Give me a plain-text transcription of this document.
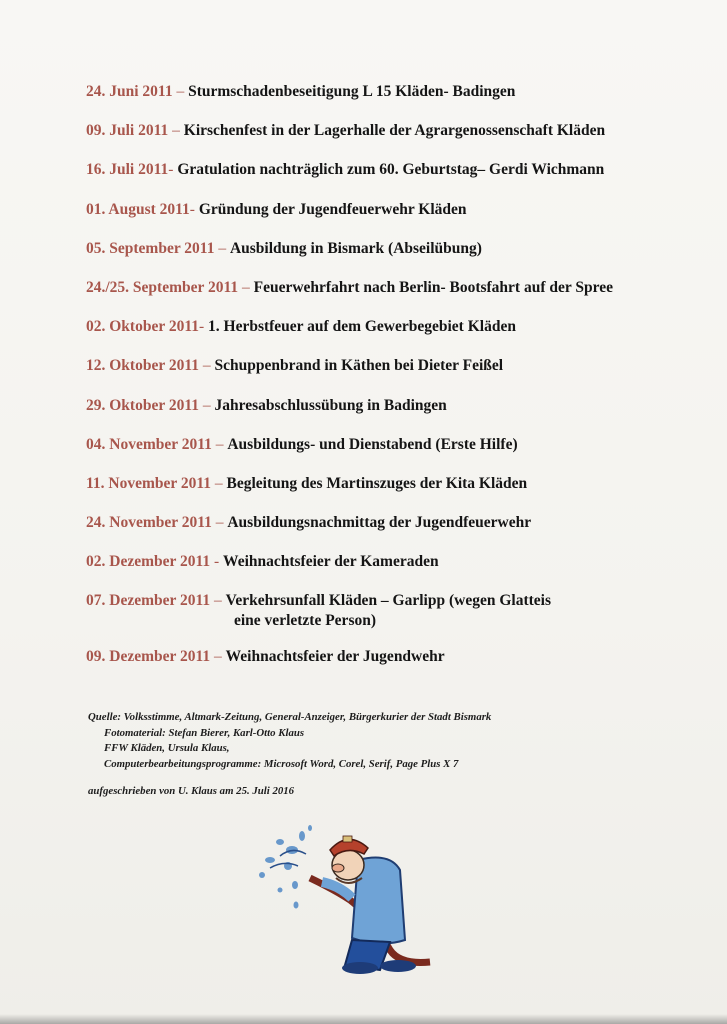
24. Juni 2011 – Sturmschadenbeseitigung L 15 Kläden- Badingen
09. Juli 2011 – Kirschenfest in der Lagerhalle der Agrargenossenschaft Kläden
16. Juli 2011- Gratulation nachträglich zum 60. Geburtstag– Gerdi Wichmann
01. August 2011- Gründung der Jugendfeuerwehr Kläden
05. September 2011 – Ausbildung in Bismark (Abseilübung)
24./25. September 2011 – Feuerwehrfahrt nach Berlin- Bootsfahrt auf der Spree
02. Oktober 2011- 1. Herbstfeuer auf dem Gewerbegebiet Kläden
12. Oktober 2011 – Schuppenbrand in Käthen bei Dieter Feißel
29. Oktober 2011 – Jahresabschlussübung in Badingen
04. November 2011 – Ausbildungs- und Dienstabend (Erste Hilfe)
11. November 2011 – Begleitung des Martinszuges der Kita Kläden
24. November 2011 – Ausbildungsnachmittag der Jugendfeuerwehr
02. Dezember 2011 - Weihnachtsfeier der Kameraden
07. Dezember 2011 – Verkehrsunfall Kläden – Garlipp (wegen Glatteis
eine verletzte Person)
09. Dezember 2011 – Weihnachtsfeier der Jugendwehr
Quelle: Volksstimme, Altmark-Zeitung, General-Anzeiger, Bürgerkurier der Stadt Bismark

Fotomaterial: Stefan Bierer, Karl-Otto Klaus
FFW Kläden, Ursula Klaus,
Computerbearbeitungsprogramme: Microsoft Word, Corel, Serif, Page Plus X 7
aufgeschrieben von U. Klaus am 25. Juli 2016
